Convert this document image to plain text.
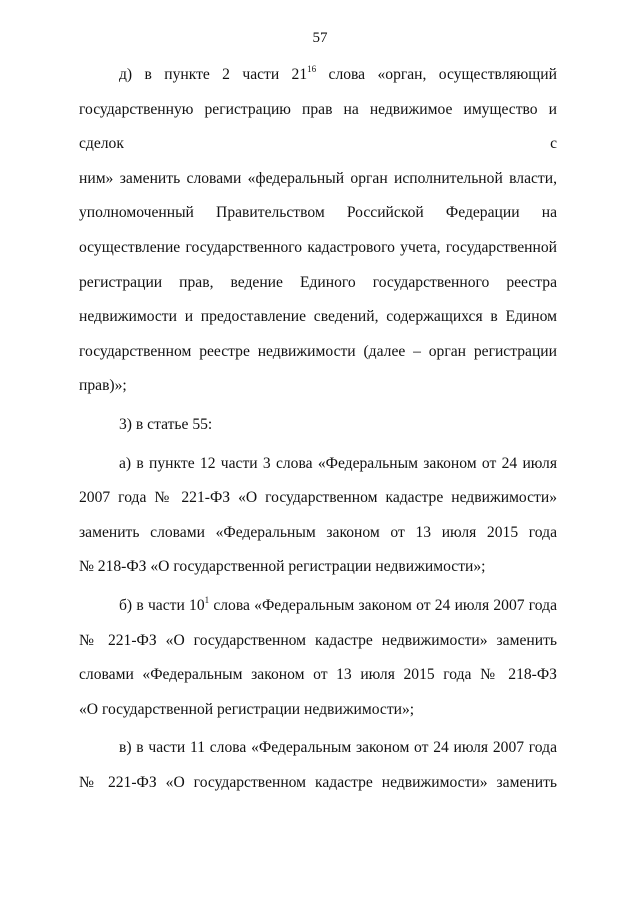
57
д) в пункте 2 части $21^{16}$ слова «орган, осуществляющий
государственную регистрацию прав на недвижимое имущество и сделок с
ним» заменить словами «федеральный орган исполнительной власти,
уполномоченный Правительством Российской Федерации на
осуществление государственного кадастрового учета, государственной
регистрации прав, ведение Единого государственного реестра
недвижимости и предоставление сведений, содержащихся в Едином
государственном реестре недвижимости (далее – орган регистрации
прав)»;
3) в статье 55:
а) в пункте 12 части 3 слова «Федеральным законом от 24 июля
2007 года № 221-ФЗ «О государственном кадастре недвижимости»
заменить словами «Федеральным законом от 13 июля 2015 года
№ 218-ФЗ «О государственной регистрации недвижимости»;
б) в части $10^1$ слова «Федеральным законом от 24 июля 2007 года
№ 221-ФЗ «О государственном кадастре недвижимости» заменить
словами «Федеральным законом от 13 июля 2015 года № 218-ФЗ
«О государственной регистрации недвижимости»;
в) в части 11 слова «Федеральным законом от 24 июля 2007 года
№ 221-ФЗ «О государственном кадастре недвижимости» заменить
